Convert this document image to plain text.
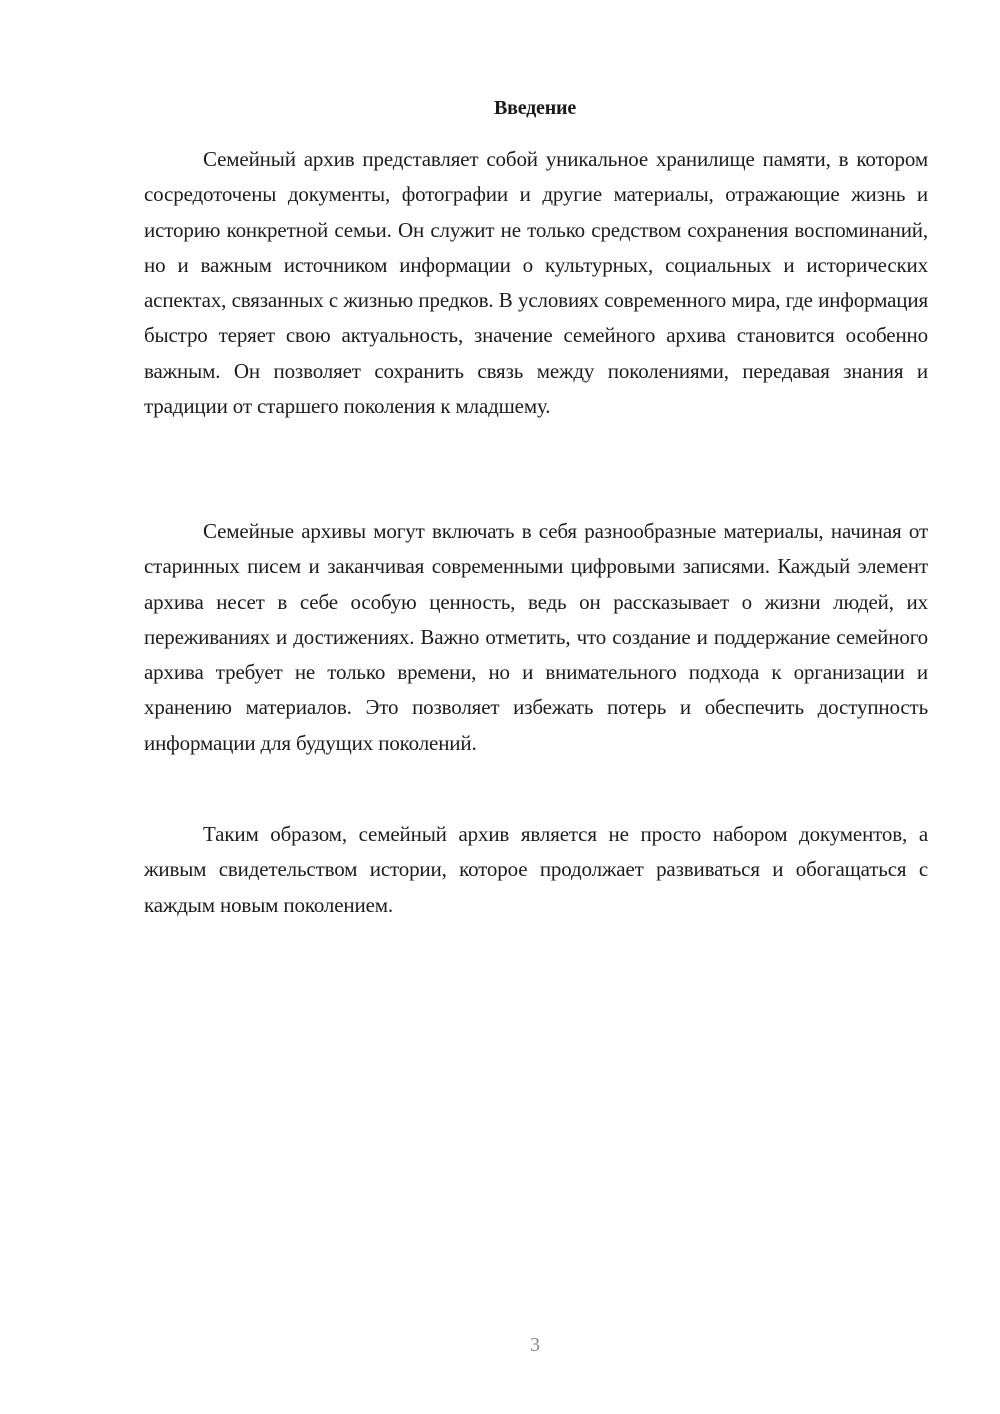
Введение

Семейный архив представляет собой уникальное хранилище памяти, в котором сосредоточены документы, фотографии и другие материалы, отражающие жизнь и историю конкретной семьи. Он служит не только средством сохранения воспоминаний, но и важным источником информации о культурных, социальных и исторических аспектах, связанных с жизнью предков. В условиях современного мира, где информация быстро теряет свою актуальность, значение семейного архива становится особенно важным. Он позволяет сохранить связь между поколениями, передавая знания и традиции от старшего поколения к младшему.

Семейные архивы могут включать в себя разнообразные материалы, начиная от старинных писем и заканчивая современными цифровыми записями. Каждый элемент архива несет в себе особую ценность, ведь он рассказывает о жизни людей, их переживаниях и достижениях. Важно отметить, что создание и поддержание семейного архива требует не только времени, но и внимательного подхода к организации и хранению материалов. Это позволяет избежать потерь и обеспечить доступность информации для будущих поколений.

Таким образом, семейный архив является не просто набором документов, а живым свидетельством истории, которое продолжает развиваться и обогащаться с каждым новым поколением.

3
